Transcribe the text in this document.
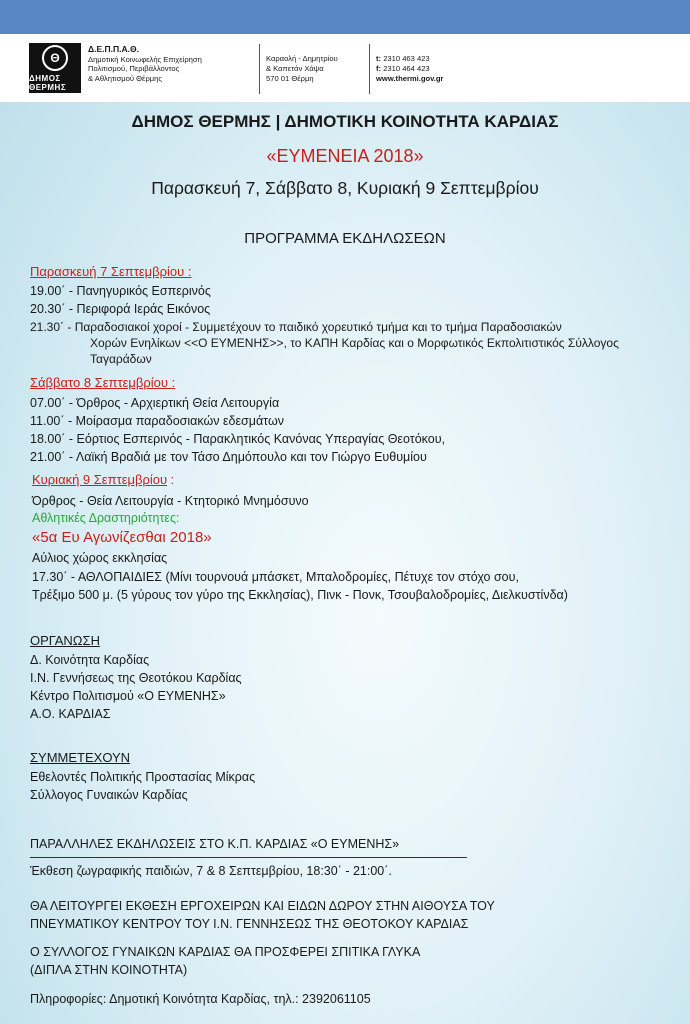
Θ
ΔΗΜΟΣ ΘΕΡΜΗΣ
Δ.Ε.Π.Π.Α.Θ.
Δημοτική Κοινωφελής Επιχείρηση
Πολιτισμού, Περιβάλλοντος
& Αθλητισμού Θέρμης
Καραολή - Δημητρίου
& Καπετάν Χάψα
570 01 Θέρμη
t: 2310 463 423
f: 2310 464 423
www.thermi.gov.gr
ΔΗΜΟΣ ΘΕΡΜΗΣ | ΔΗΜΟΤΙΚΗ ΚΟΙΝΟΤΗΤΑ ΚΑΡΔΙΑΣ
«ΕΥΜΕΝΕΙΑ 2018»
Παρασκευή 7, Σάββατο 8, Κυριακή 9 Σεπτεμβρίου
ΠΡΟΓΡΑΜΜΑ ΕΚΔΗΛΩΣΕΩΝ
Παρασκευή 7 Σεπτεμβρίου :
19.00΄ - Πανηγυρικός Εσπερινός
20.30΄ - Περιφορά Ιεράς Εικόνος
21.30΄ - Παραδοσιακοί χοροί - Συμμετέχουν το παιδικό χορευτικό τμήμα και το τμήμα Παραδοσιακών
Χορών Ενηλίκων <<Ο ΕΥΜΕΝΗΣ>>, το ΚΑΠΗ Καρδίας και ο Μορφωτικός Εκπολιτιστικός Σύλλογος
Ταγαράδων
Σάββατο 8 Σεπτεμβρίου :
07.00΄ - Όρθρος - Αρχιερτική Θεία Λειτουργία
11.00΄ - Μοίρασμα παραδοσιακών εδεσμάτων
18.00΄ - Εόρτιος Εσπερινός - Παρακλητικός Κανόνας Υπεραγίας Θεοτόκου,
21.00΄ - Λαϊκή Βραδιά με τον Τάσο Δημόπουλο και τον Γιώργο Ευθυμίου
Κυριακή 9 Σεπτεμβρίου :
Όρθρος - Θεία Λειτουργία - Κτητορικό Μνημόσυνο
Αθλητικές Δραστηριότητες:
«5α Ευ Αγωνίζεσθαι 2018»
Αύλιος χώρος εκκλησίας
17.30΄ - ΑΘΛΟΠΑΙΔΙΕΣ (Μίνι τουρνουά μπάσκετ, Μπαλοδρομίες, Πέτυχε τον στόχο σου,
Τρέξιμο 500 μ. (5 γύρους τον γύρο της Εκκλησίας), Πινκ - Πονκ, Τσουβαλοδρομίες, Διελκυστίνδα)
ΟΡΓΑΝΩΣΗ
Δ. Κοινότητα Καρδίας
Ι.Ν. Γεννήσεως της Θεοτόκου Καρδίας
Κέντρο Πολιτισμού «Ο ΕΥΜΕΝΗΣ»
Α.Ο. ΚΑΡΔΙΑΣ
ΣΥΜΜΕΤΕΧΟΥΝ
Εθελοντές Πολιτικής Προστασίας Μίκρας
Σύλλογος Γυναικών Καρδίας
ΠΑΡΑΛΛΗΛΕΣ ΕΚΔΗΛΩΣΕΙΣ ΣΤΟ Κ.Π. ΚΑΡΔΙΑΣ «Ο ΕΥΜΕΝΗΣ»
Έκθεση ζωγραφικής παιδιών, 7 & 8 Σεπτεμβρίου, 18:30΄ - 21:00΄.
ΘΑ ΛΕΙΤΟΥΡΓΕΙ ΕΚΘΕΣΗ ΕΡΓΟΧΕΙΡΩΝ ΚΑΙ ΕΙΔΩΝ ΔΩΡΟΥ ΣΤΗΝ ΑΙΘΟΥΣΑ ΤΟΥ
ΠΝΕΥΜΑΤΙΚΟΥ ΚΕΝΤΡΟΥ ΤΟΥ Ι.Ν. ΓΕΝΝΗΣΕΩΣ ΤΗΣ ΘΕΟΤΟΚΟΥ ΚΑΡΔΙΑΣ
Ο ΣΥΛΛΟΓΟΣ ΓΥΝΑΙΚΩΝ ΚΑΡΔΙΑΣ ΘΑ ΠΡΟΣΦΕΡΕΙ ΣΠΙΤΙΚΑ ΓΛΥΚΑ
(ΔΙΠΛΑ ΣΤΗΝ ΚΟΙΝΟΤΗΤΑ)
Πληροφορίες: Δημοτική Κοινότητα Καρδίας, τηλ.: 2392061105
